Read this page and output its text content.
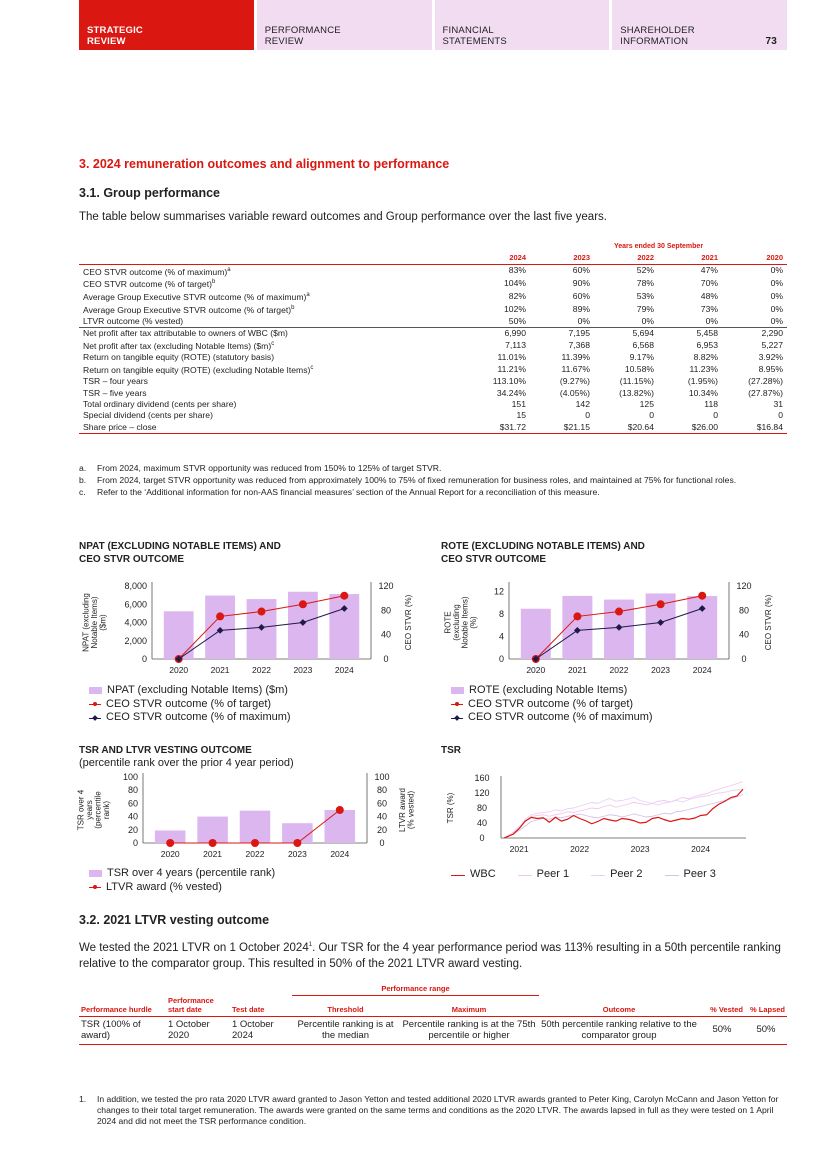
STRATEGIC
REVIEW
PERFORMANCE
REVIEW
FINANCIAL
STATEMENTS
SHAREHOLDER
INFORMATION	73
3. 2024 remuneration outcomes and alignment to performance
3.1. Group performance
The table below summarises variable reward outcomes and Group performance over the last five years.
		Years ended 30 September			
	2024	2023	2022	2021	2020
CEO STVR outcome (% of maximum)$^a$	83%	60%	52%	47%	0%
CEO STVR outcome (% of target)$^b$	104%	90%	78%	70%	0%
Average Group Executive STVR outcome (% of maximum)$^a$	82%	60%	53%	48%	0%
Average Group Executive STVR outcome (% of target)$^b$	102%	89%	79%	73%	0%
LTVR outcome (% vested)	50%	0%	0%	0%	0%
Net profit after tax attributable to owners of WBC ($m)	6,990	7,195	5,694	5,458	2,290
Net profit after tax (excluding Notable Items) ($m)$^c$	7,113	7,368	6,568	6,953	5,227
Return on tangible equity (ROTE) (statutory basis)	11.01%	11.39%	9.17%	8.82%	3.92%
Return on tangible equity (ROTE) (excluding Notable Items)$^c$	11.21%	11.67%	10.58%	11.23%	8.95%
TSR – four years	113.10%	(9.27%)	(11.15%)	(1.95%)	(27.28%)
TSR – five years	34.24%	(4.05%)	(13.82%)	10.34%	(27.87%)
Total ordinary dividend (cents per share)	151	142	125	118	31
Special dividend (cents per share)	15	0	0	0	0
Share price – close	$31.72	$21.15	$20.64	$26.00	$16.84
a.	From 2024, maximum STVR opportunity was reduced from 150% to 125% of target STVR.
b.	From 2024, target STVR opportunity was reduced from approximately 100% to 75% of fixed remuneration for business roles, and maintained at 75% for functional roles.
c.	Refer to the ‘Additional information for non-AAS financial measures’ section of the Annual Report for a reconciliation of this measure.
NPAT (EXCLUDING NOTABLE ITEMS) AND
CEO STVR OUTCOME
0
2,000
4,000
6,000
8,000
0
40
80
120
NPAT (excluding Notable Items) ($m)	CEO STVR (%)
2020	2021	2022	2023	2024
NPAT (excluding Notable Items) ($m)
CEO STVR outcome (% of target)
CEO STVR outcome (% of maximum)
ROTE (EXCLUDING NOTABLE ITEMS) AND
CEO STVR OUTCOME
0
4
8
12
0
40
80
120
ROTE (excluding Notable Items) (%)	CEO STVR (%)
2020	2021	2022	2023	2024
ROTE (excluding Notable Items)
CEO STVR outcome (% of target)
CEO STVR outcome (% of maximum)
TSR AND LTVR VESTING OUTCOME
(percentile rank over the prior 4 year period)
0
20
40
60
80
100
0
20
40
60
80
100
TSR over 4 years (percentile rank)	LTVR award (% vested)
2020	2021	2022	2023	2024
TSR over 4 years (percentile rank)
LTVR award (% vested)
TSR
0
40
80
120
160
TSR (%)
2021	2022	2023	2024
WBC	Peer 1	Peer 2	Peer 3
3.2. 2021 LTVR vesting outcome
We tested the 2021 LTVR on 1 October 2024$^1$. Our TSR for the 4 year performance period was 113% resulting in a 50th percentile ranking relative to the comparator group. This resulted in 50% of the 2021 LTVR award vesting.
			Performance range				
Performance hurdle	Performance start date	Test date	Threshold	Maximum	Outcome	% Vested	% Lapsed
TSR (100% of award)	1 October 2020	1 October 2024	Percentile ranking is at the median	Percentile ranking is at the 75th percentile or higher	50th percentile ranking relative to the comparator group	50%	50%
1.	In addition, we tested the pro rata 2020 LTVR award granted to Jason Yetton and tested additional 2020 LTVR awards granted to Peter King, Carolyn McCann and Jason Yetton for changes to their total target remuneration. The awards were granted on the same terms and conditions as the 2020 LTVR. The awards lapsed in full as they were tested on 1 April 2024 and did not meet the TSR performance condition.
